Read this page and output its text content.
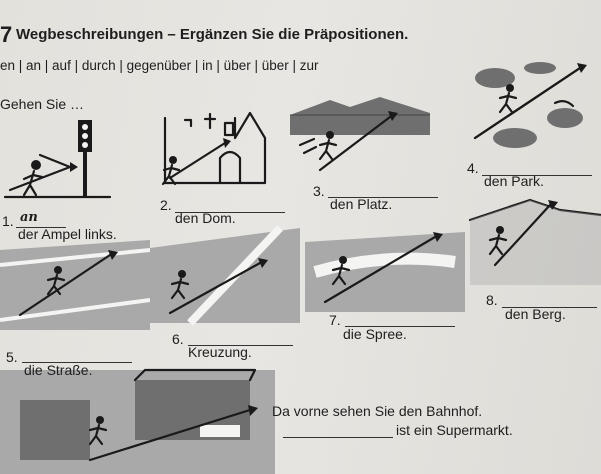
7 Wegbeschreibungen – Ergänzen Sie die Präpositionen.
en | an | auf | durch | gegenüber | in | über | über | zur
Gehen Sie …
1. an
der Ampel links.
2.
den Dom.
3.
den Platz.
4.
den Park.
5.
die Straße.
6.
Kreuzung.
7.
die Spree.
8.
den Berg.
Da vorne sehen Sie den Bahnhof.
ist ein Supermarkt.
